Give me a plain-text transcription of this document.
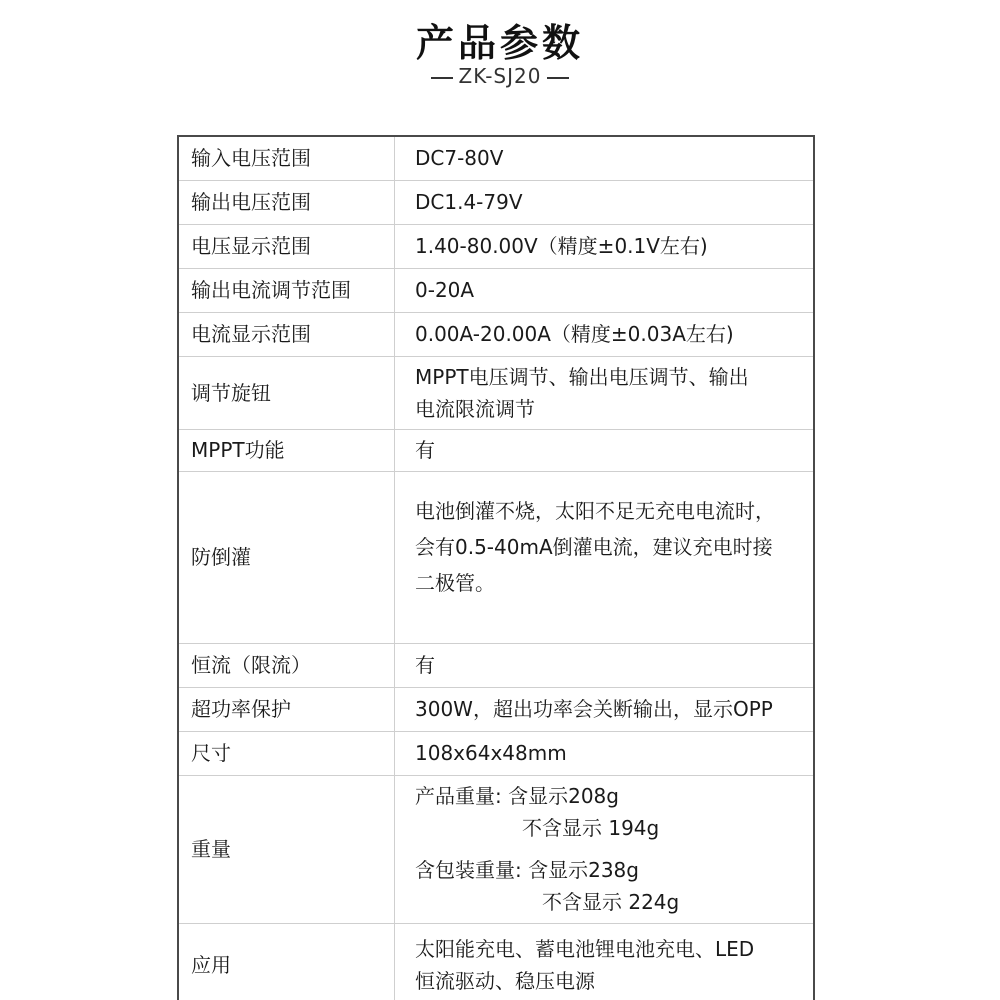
产品参数
ZK-SJ20
输入电压范围	DC7-80V

输出电压范围	DC1.4-79V

电压显示范围	1.40-80.00V（精度±0.1V左右)

输出电流调节范围	0-20A

电流显示范围	0.00A-20.00A（精度±0.03A左右)

调节旋钮	MPPT电压调节、输出电压调节、输出
电流限流调节

MPPT功能	有

防倒灌	电池倒灌不烧，太阳不足无充电电流时，
会有0.5-40mA倒灌电流，建议充电时接
二极管。

恒流（限流）	有

超功率保护	300W，超出功率会关断输出，显示OPP

尺寸	108x64x48mm

重量	产品重量: 含显示208g
不含显示 194g
含包装重量: 含显示238g
不含显示 224g

应用	太阳能充电、蓄电池锂电池充电、LED
恒流驱动、稳压电源
